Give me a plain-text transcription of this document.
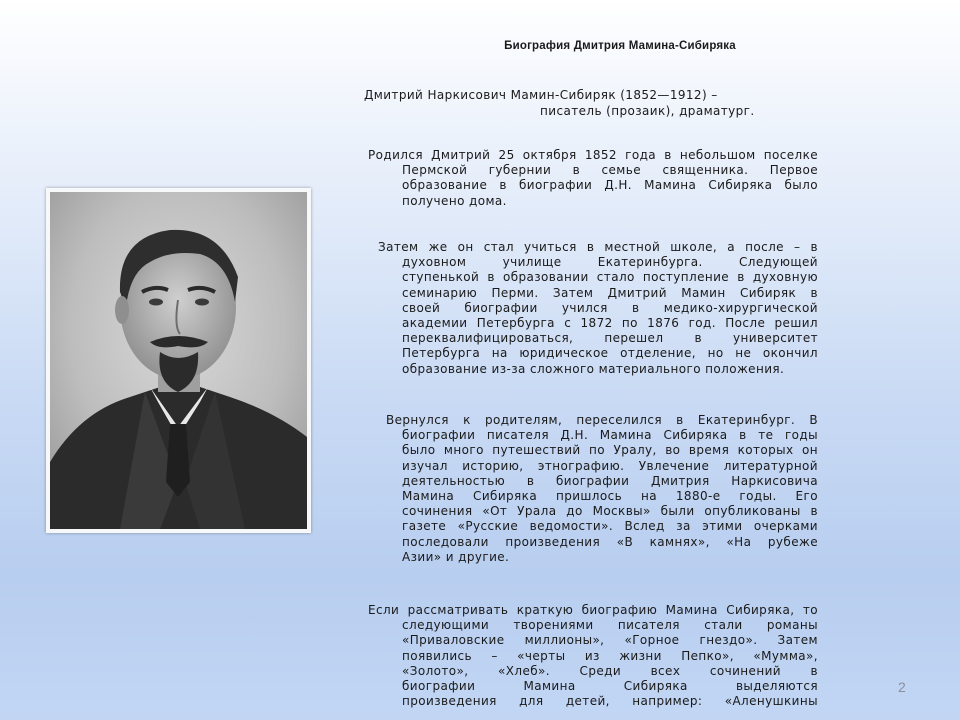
Биография Дмитрия Мамина-Сибиряка
Дмитрий Наркисович Мамин-Сибиряк (1852—1912) –
писатель (прозаик), драматург.
Родился Дмитрий 25 октября 1852 года в небольшом поселке
Пермской губернии в семье священника. Первое
образование в биографии Д.Н. Мамина Сибиряка было
получено дома.
Затем же он стал учиться в местной школе, а после – в
духовном училище Екатеринбурга. Следующей
ступенькой в образовании стало поступление в духовную
семинарию Перми. Затем Дмитрий Мамин Сибиряк в
своей биографии учился в медико-хирургической
академии Петербурга с 1872 по 1876 год. После решил
переквалифицироваться, перешел в университет
Петербурга на юридическое отделение, но не окончил
образование из-за сложного материального положения.
Вернулся к родителям, переселился в Екатеринбург. В
биографии писателя Д.Н. Мамина Сибиряка в те годы
было много путешествий по Уралу, во время которых он
изучал историю, этнографию. Увлечение литературной
деятельностью в биографии Дмитрия Наркисовича
Мамина Сибиряка пришлось на 1880-е годы. Его
сочинения «От Урала до Москвы» были опубликованы в
газете «Русские ведомости». Вслед за этими очерками
последовали произведения «В камнях», «На рубеже
Азии» и другие.
Если рассматривать краткую биографию Мамина Сибиряка, то
следующими творениями писателя стали романы
«Приваловские миллионы», «Горное гнездо». Затем
появились – «черты из жизни Пепко», «Мумма»,
«Золото», «Хлеб». Среди всех сочинений в
биографии Мамина Сибиряка выделяются
произведения для детей, например: «Аленушкины
2
